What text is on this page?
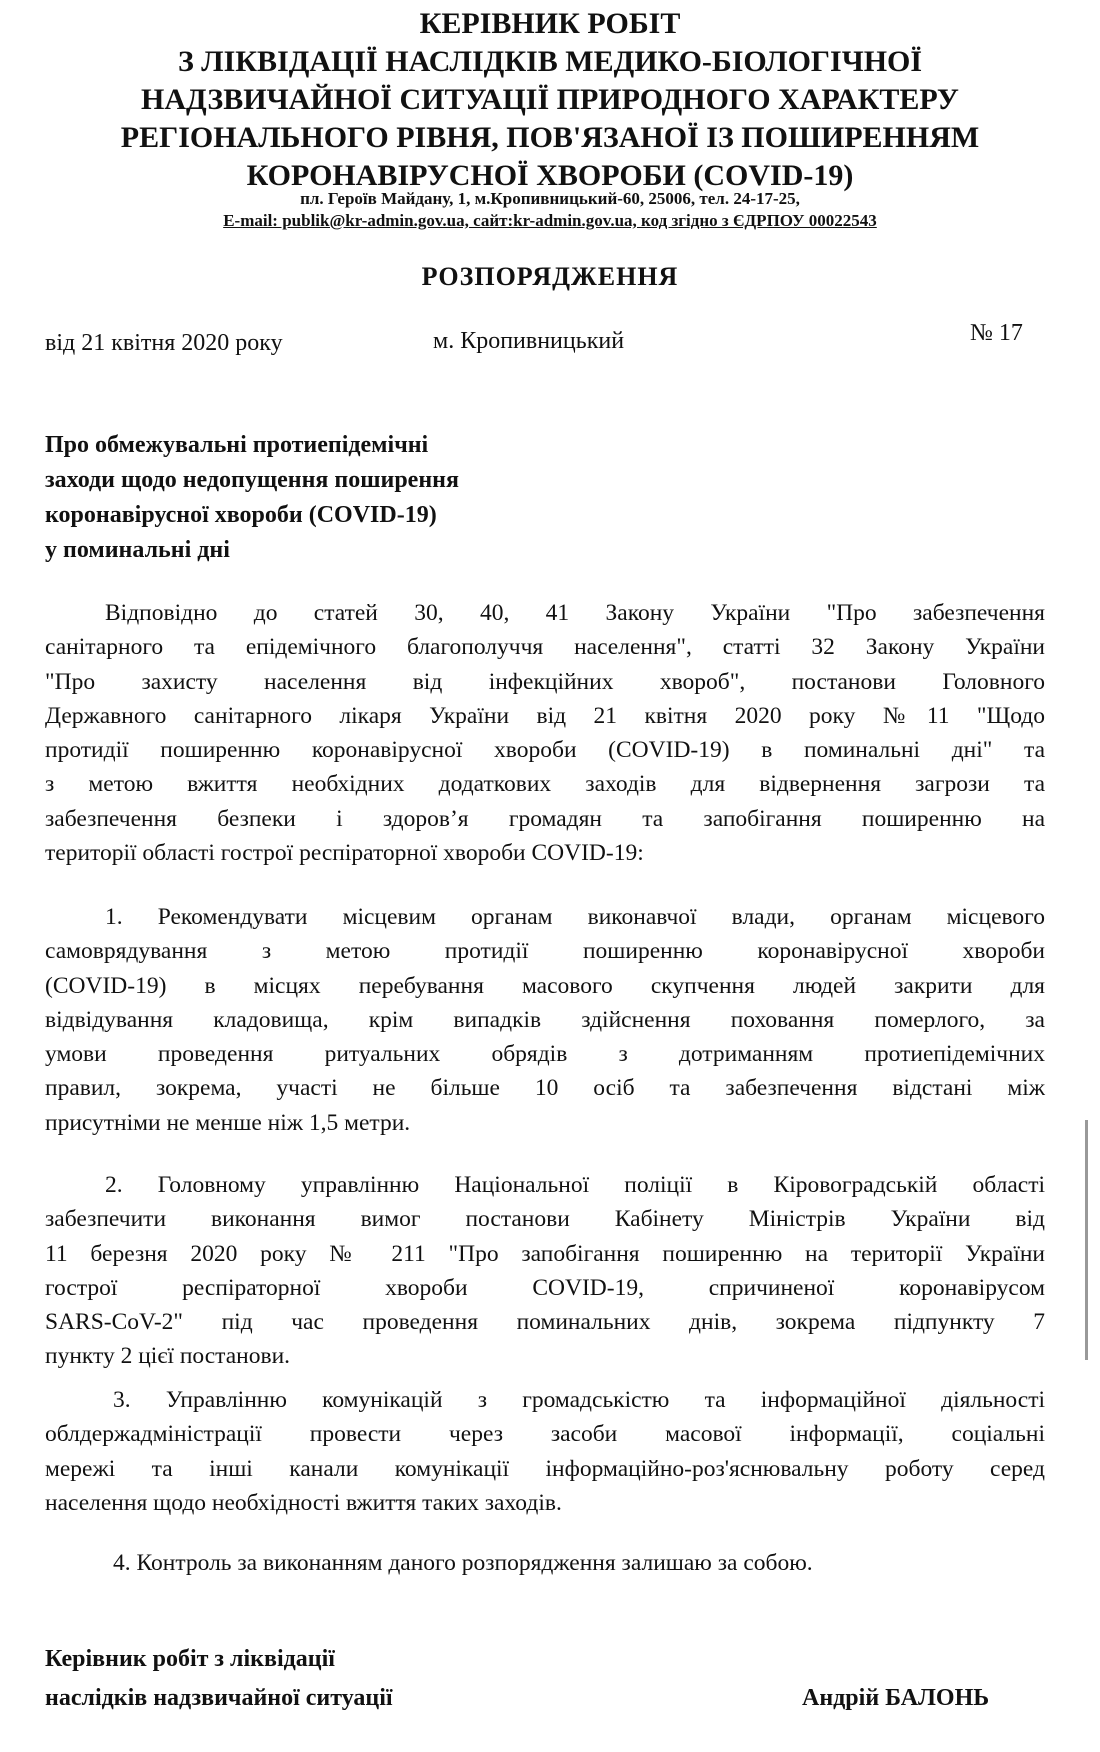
КЕРІВНИК РОБІТ
З ЛІКВІДАЦІЇ НАСЛІДКІВ МЕДИКО-БІОЛОГІЧНОЇ
НАДЗВИЧАЙНОЇ СИТУАЦІЇ ПРИРОДНОГО ХАРАКТЕРУ
РЕГІОНАЛЬНОГО РІВНЯ, ПОВ'ЯЗАНОЇ ІЗ ПОШИРЕННЯМ
КОРОНАВІРУСНОЇ ХВОРОБИ (COVID-19)
пл. Героїв Майдану, 1, м.Кропивницький-60, 25006, тел. 24-17-25,
E-mail: publik@kr-admin.gov.ua, сайт:kr-admin.gov.ua, код згідно з ЄДРПОУ 00022543
РОЗПОРЯДЖЕННЯ
від 21 квітня 2020 року	м. Кропивницький	№ 17
Про обмежувальні протиепідемічні
заходи щодо недопущення поширення
коронавірусної хвороби (COVID-19)
у поминальні дні
Відповідно до статей 30, 40, 41 Закону України "Про забезпечення
санітарного та епідемічного благополуччя населення", статті 32 Закону України
"Про захисту населення від інфекційних хвороб", постанови Головного
Державного санітарного лікаря України від 21 квітня 2020 року №11 "Щодо
протидії поширенню коронавірусної хвороби (COVID-19) в поминальні дні" та
з метою вжиття необхідних додаткових заходів для відвернення загрози та
забезпечення безпеки і здоров’я громадян та запобігання поширенню на
території області гострої респіраторної хвороби COVID-19:
1. Рекомендувати місцевим органам виконавчої влади, органам місцевого
самоврядування з метою протидії поширенню коронавірусної хвороби
(COVID-19) в місцях перебування масового скупчення людей закрити для
відвідування кладовища, крім випадків здійснення поховання померлого, за
умови проведення ритуальних обрядів з дотриманням протиепідемічних
правил, зокрема, участі не більше 10 осіб та забезпечення відстані між
присутніми не менше ніж 1,5 метри.
2. Головному управлінню Національної поліції в Кіровоградській області
забезпечити виконання вимог постанови Кабінету Міністрів України від
11 березня 2020 року № 211 "Про запобігання поширенню на території України
гострої респіраторної хвороби COVID-19, спричиненої коронавірусом
SARS-CoV-2" під час проведення поминальних днів, зокрема підпункту 7
пункту 2 цієї постанови.
3. Управлінню комунікацій з громадськістю та інформаційної діяльності
облдержадміністрації провести через засоби масової інформації, соціальні
мережі та інші канали комунікації інформаційно-роз'яснювальну роботу серед
населення щодо необхідності вжиття таких заходів.
4. Контроль за виконанням даного розпорядження залишаю за собою.
Керівник робіт з ліквідації
наслідків надзвичайної ситуації	Андрій БАЛОНЬ
